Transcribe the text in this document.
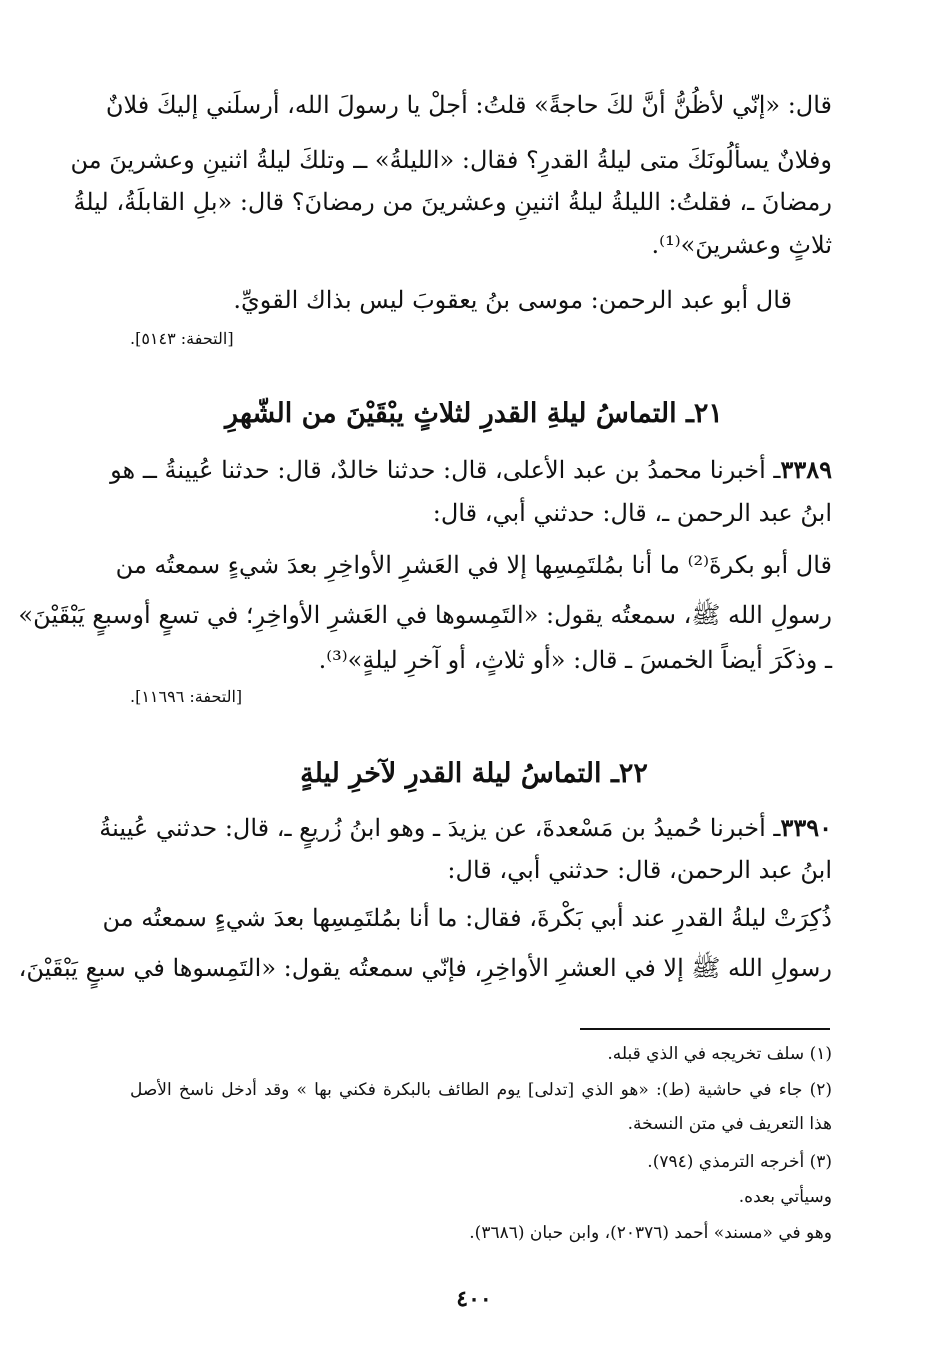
قال: «إنّي لأظُنُّ أنَّ لكَ حاجةً» قلتُ: أجلْ يا رسولَ الله، أرسلَني إليكَ فلانٌ
وفلانٌ يسألُونَكَ متى ليلةُ القدرِ؟ فقال: «الليلةُ» ــ وتلكَ ليلةُ اثنينِ وعشرينَ من
رمضانَ ـ، فقلتُ: الليلةُ ليلةُ اثنينِ وعشرينَ من رمضانَ؟ قال: «بلِ القابلَةُ، ليلةُ
ثلاثٍ وعشرينَ»⁽¹⁾.
قال أبو عبد الرحمن: موسى بنُ يعقوبَ ليس بذاك القويِّ.
[التحفة: ٥١٤٣].
٢١ـ التماسُ ليلةِ القدرِ لثلاثٍ يبْقَيْنَ من الشّهرِ
٣٣٨٩ـ أخبرنا محمدُ بن عبد الأعلى، قال: حدثنا خالدٌ، قال: حدثنا عُيينةُ ــ هو
ابنُ عبد الرحمن ـ، قال: حدثني أبي، قال:
قال أبو بكرةَ⁽²⁾ ما أنا بمُلتَمِسِها إلا في العَشرِ الأواخِرِ بعدَ شيءٍ سمعتُه من
رسولِ الله ﷺ، سمعتُه يقول: «التَمِسوها في العَشرِ الأواخِرِ؛ في تسعٍ أوسبعٍ يَبْقَيْنَ»
ـ وذكَرَ أيضاً الخمسَ ـ قال: «أو ثلاثٍ، أو آخرِ ليلةٍ»⁽³⁾.
[التحفة: ١١٦٩٦].
٢٢ـ التماسُ ليلة القدرِ لآخرِ ليلةٍ
٣٣٩٠ـ أخبرنا حُميدُ بن مَسْعدةَ، عن يزيدَ ـ وهو ابنُ زُريعٍ ـ، قال: حدثني عُيينةُ
ابنُ عبد الرحمن، قال: حدثني أبي، قال:
ذُكِرَتْ ليلةُ القدرِ عند أبي بَكْرةَ، فقال: ما أنا بمُلتَمِسِها بعدَ شيءٍ سمعتُه من
رسولِ الله ﷺ إلا في العشرِ الأواخِرِ، فإنّي سمعتُه يقول: «التَمِسوها في سبعٍ يَبْقَيْنَ،
(١) سلف تخريجه في الذي قبله.
(٢) جاء في حاشية (ط): «هو الذي [تدلى] يوم الطائف بالبكرة فكني بها » وقد أدخل ناسخ الأصل
هذا التعريف في متن النسخة.
(٣) أخرجه الترمذي (٧٩٤).
وسيأتي بعده.
وهو في «مسند» أحمد (٢٠٣٧٦)، وابن حبان (٣٦٨٦).
٤٠٠
